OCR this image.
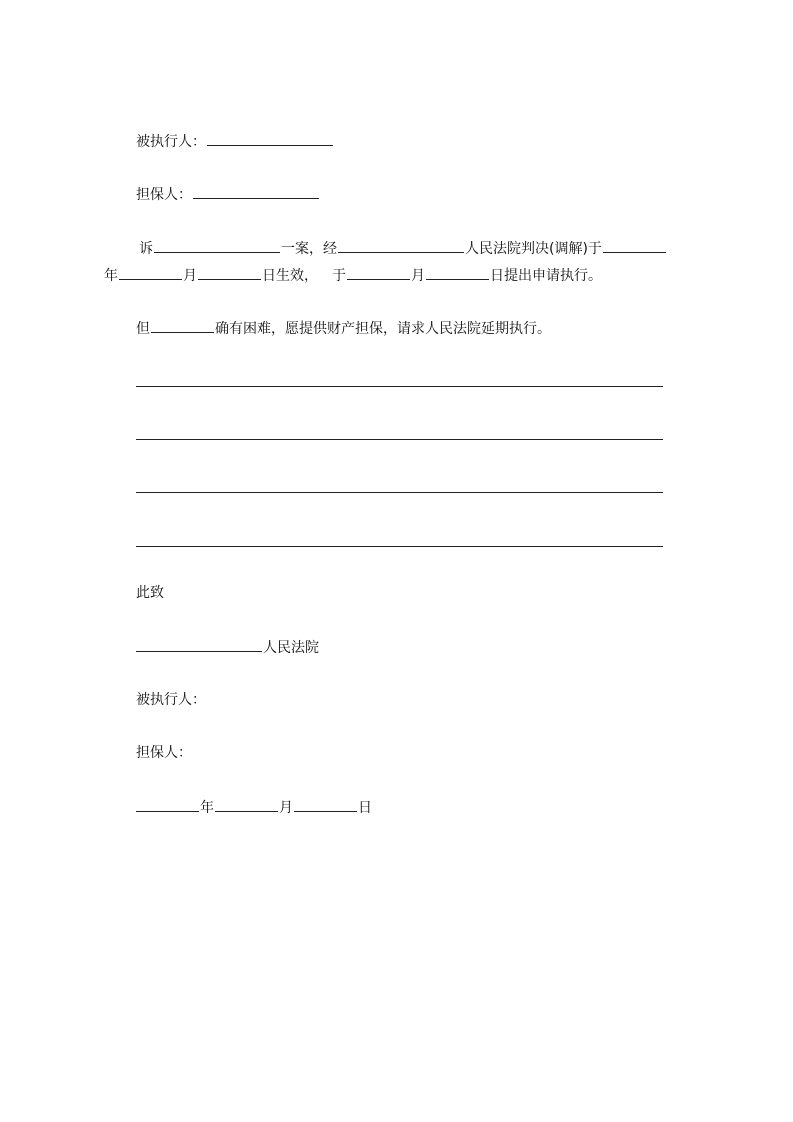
被执行人：
担保人：
诉	一案，经	人民法院判决(调解)于
年	月	日生效， 于	月	日提出申请执行。
但	确有困难，愿提供财产担保，请求人民法院延期执行。
此致
人民法院
被执行人：
担保人：
年	月	日
